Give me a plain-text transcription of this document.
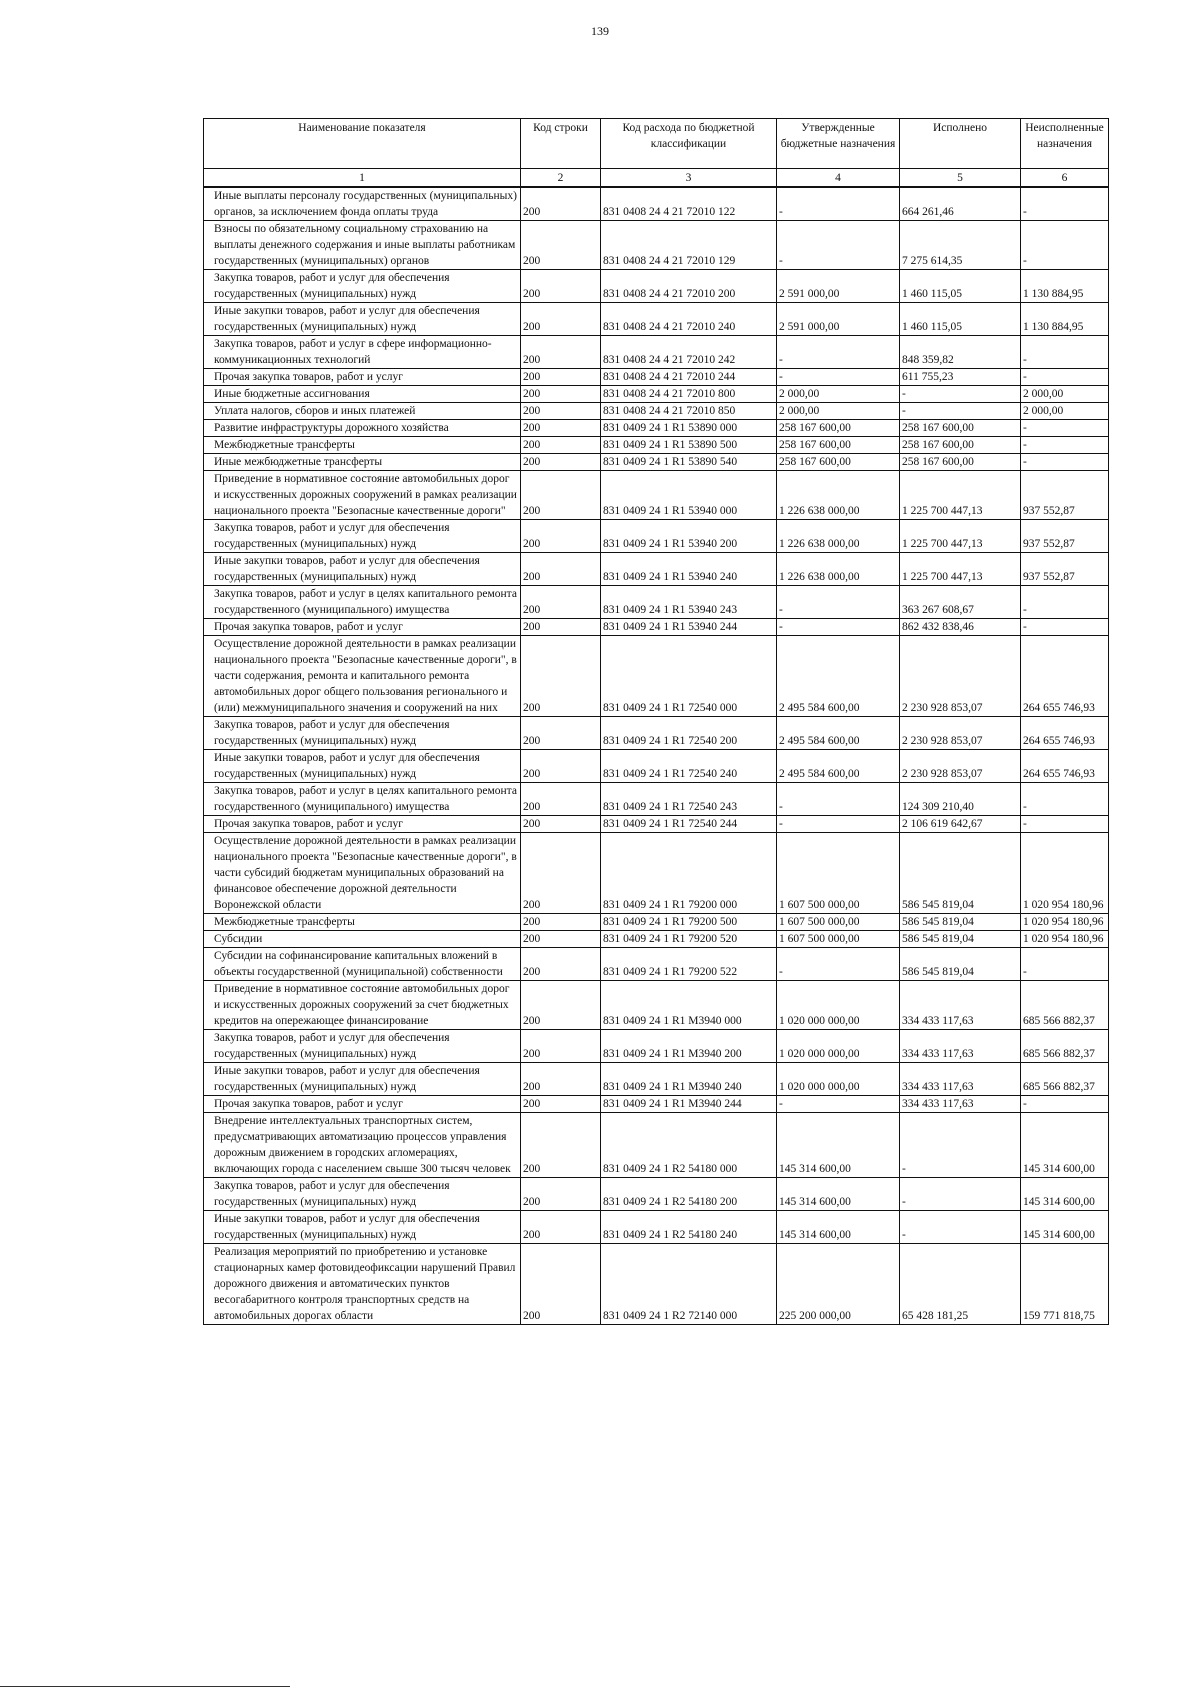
139
Наименование показателя	Код строки	Код расхода по бюджетной классификации	Утвержденные бюджетные назначения	Исполнено	Неисполненные назначения
1	2	3	4	5	6
Иные выплаты персоналу государственных (муниципальных) органов, за исключением фонда оплаты труда	200	831 0408 24 4 21 72010 122	-	664 261,46	-
Взносы по обязательному социальному страхованию на выплаты денежного содержания и иные выплаты работникам государственных (муниципальных) органов	200	831 0408 24 4 21 72010 129	-	7 275 614,35	-
Закупка товаров, работ и услуг для обеспечения государственных (муниципальных) нужд	200	831 0408 24 4 21 72010 200	2 591 000,00	1 460 115,05	1 130 884,95
Иные закупки товаров, работ и услуг для обеспечения государственных (муниципальных) нужд	200	831 0408 24 4 21 72010 240	2 591 000,00	1 460 115,05	1 130 884,95
Закупка товаров, работ и услуг в сфере информационно-коммуникационных технологий	200	831 0408 24 4 21 72010 242	-	848 359,82	-
Прочая закупка товаров, работ и услуг	200	831 0408 24 4 21 72010 244	-	611 755,23	-
Иные бюджетные ассигнования	200	831 0408 24 4 21 72010 800	2 000,00	-	2 000,00
Уплата налогов, сборов и иных платежей	200	831 0408 24 4 21 72010 850	2 000,00	-	2 000,00
Развитие инфраструктуры дорожного хозяйства	200	831 0409 24 1 R1 53890 000	258 167 600,00	258 167 600,00	-
Межбюджетные трансферты	200	831 0409 24 1 R1 53890 500	258 167 600,00	258 167 600,00	-
Иные межбюджетные трансферты	200	831 0409 24 1 R1 53890 540	258 167 600,00	258 167 600,00	-
Приведение в нормативное состояние автомобильных дорог и искусственных дорожных сооружений в рамках реализации национального проекта "Безопасные качественные дороги"	200	831 0409 24 1 R1 53940 000	1 226 638 000,00	1 225 700 447,13	937 552,87
Закупка товаров, работ и услуг для обеспечения государственных (муниципальных) нужд	200	831 0409 24 1 R1 53940 200	1 226 638 000,00	1 225 700 447,13	937 552,87
Иные закупки товаров, работ и услуг для обеспечения государственных (муниципальных) нужд	200	831 0409 24 1 R1 53940 240	1 226 638 000,00	1 225 700 447,13	937 552,87
Закупка товаров, работ и услуг в целях капитального ремонта государственного (муниципального) имущества	200	831 0409 24 1 R1 53940 243	-	363 267 608,67	-
Прочая закупка товаров, работ и услуг	200	831 0409 24 1 R1 53940 244	-	862 432 838,46	-
Осуществление дорожной деятельности в рамках реализации национального проекта "Безопасные качественные дороги", в части содержания, ремонта и капитального ремонта автомобильных дорог общего пользования регионального и (или) межмуниципального значения и сооружений на них	200	831 0409 24 1 R1 72540 000	2 495 584 600,00	2 230 928 853,07	264 655 746,93
Закупка товаров, работ и услуг для обеспечения государственных (муниципальных) нужд	200	831 0409 24 1 R1 72540 200	2 495 584 600,00	2 230 928 853,07	264 655 746,93
Иные закупки товаров, работ и услуг для обеспечения государственных (муниципальных) нужд	200	831 0409 24 1 R1 72540 240	2 495 584 600,00	2 230 928 853,07	264 655 746,93
Закупка товаров, работ и услуг в целях капитального ремонта государственного (муниципального) имущества	200	831 0409 24 1 R1 72540 243	-	124 309 210,40	-
Прочая закупка товаров, работ и услуг	200	831 0409 24 1 R1 72540 244	-	2 106 619 642,67	-
Осуществление дорожной деятельности в рамках реализации национального проекта "Безопасные качественные дороги", в части субсидий бюджетам муниципальных образований на финансовое обеспечение дорожной деятельности Воронежской области	200	831 0409 24 1 R1 79200 000	1 607 500 000,00	586 545 819,04	1 020 954 180,96
Межбюджетные трансферты	200	831 0409 24 1 R1 79200 500	1 607 500 000,00	586 545 819,04	1 020 954 180,96
Субсидии	200	831 0409 24 1 R1 79200 520	1 607 500 000,00	586 545 819,04	1 020 954 180,96
Субсидии на софинансирование капитальных вложений в объекты государственной (муниципальной) собственности	200	831 0409 24 1 R1 79200 522	-	586 545 819,04	-
Приведение в нормативное состояние автомобильных дорог и искусственных дорожных сооружений за счет бюджетных кредитов на опережающее финансирование	200	831 0409 24 1 R1 M3940 000	1 020 000 000,00	334 433 117,63	685 566 882,37
Закупка товаров, работ и услуг для обеспечения государственных (муниципальных) нужд	200	831 0409 24 1 R1 M3940 200	1 020 000 000,00	334 433 117,63	685 566 882,37
Иные закупки товаров, работ и услуг для обеспечения государственных (муниципальных) нужд	200	831 0409 24 1 R1 M3940 240	1 020 000 000,00	334 433 117,63	685 566 882,37
Прочая закупка товаров, работ и услуг	200	831 0409 24 1 R1 M3940 244	-	334 433 117,63	-
Внедрение интеллектуальных транспортных систем, предусматривающих автоматизацию процессов управления дорожным движением в городских агломерациях, включающих города с населением свыше 300 тысяч человек	200	831 0409 24 1 R2 54180 000	145 314 600,00	-	145 314 600,00
Закупка товаров, работ и услуг для обеспечения государственных (муниципальных) нужд	200	831 0409 24 1 R2 54180 200	145 314 600,00	-	145 314 600,00
Иные закупки товаров, работ и услуг для обеспечения государственных (муниципальных) нужд	200	831 0409 24 1 R2 54180 240	145 314 600,00	-	145 314 600,00
Реализация мероприятий по приобретению и установке стационарных камер фотовидеофиксации нарушений Правил дорожного движения и автоматических пунктов весогабаритного контроля транспортных средств на автомобильных дорогах области	200	831 0409 24 1 R2 72140 000	225 200 000,00	65 428 181,25	159 771 818,75
